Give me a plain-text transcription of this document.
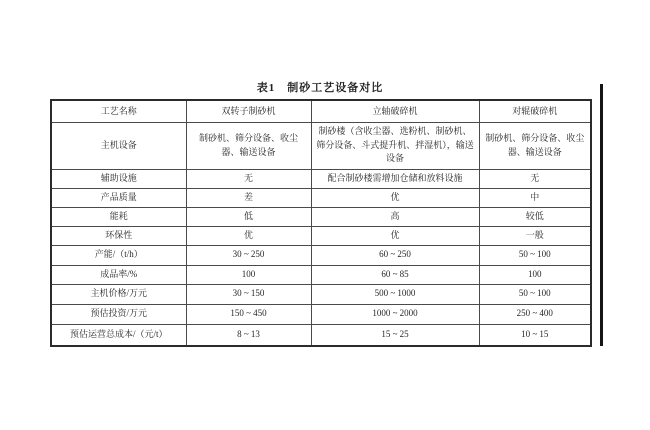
表1　制砂工艺设备对比
工艺名称	双转子制砂机	立轴破碎机	对辊破碎机
主机设备	制砂机、筛分设备、收尘器、输送设备	制砂楼（含收尘器、选粉机、制砂机、筛分设备、斗式提升机、拌湿机），输送设备	制砂机、筛分设备、收尘器、输送设备
辅助设施	无	配合制砂楼需增加仓储和放料设施	无
产品质量	差	优	中
能耗	低	高	较低
环保性	优	优	一般
产能/（t/h）	30 ~ 250	60 ~ 250	50 ~ 100
成品率/%	100	60 ~ 85	100
主机价格/万元	30 ~ 150	500 ~ 1000	50 ~ 100
预估投资/万元	150 ~ 450	1000 ~ 2000	250 ~ 400
预估运营总成本/（元/t）	8 ~ 13	15 ~ 25	10 ~ 15
